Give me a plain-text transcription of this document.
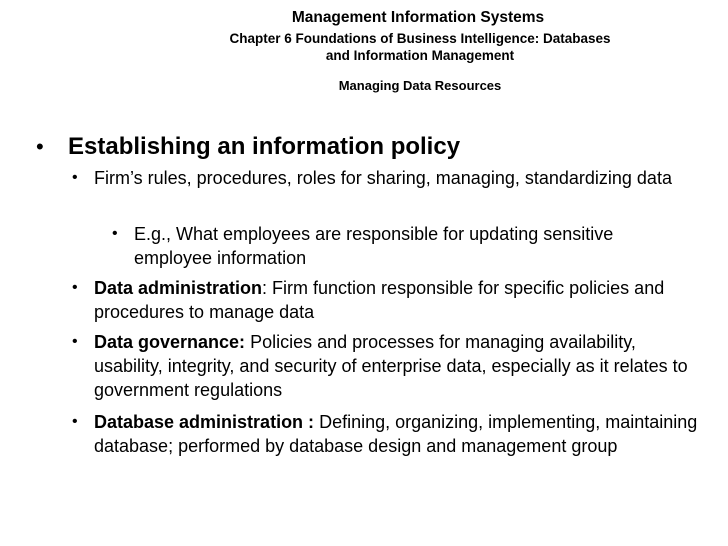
Management Information Systems
Chapter 6 Foundations of Business Intelligence: Databases
and Information Management
Managing Data Resources
• Establishing an information policy
• Firm’s rules, procedures, roles for sharing, managing, standardizing data
• E.g., What employees are responsible for updating sensitive employee information
• Data administration: Firm function responsible for specific policies and procedures to manage data
• Data governance: Policies and processes for managing availability, usability, integrity, and security of enterprise data, especially as it relates to government regulations
• Database administration : Defining, organizing, implementing, maintaining database; performed by database design and management group
